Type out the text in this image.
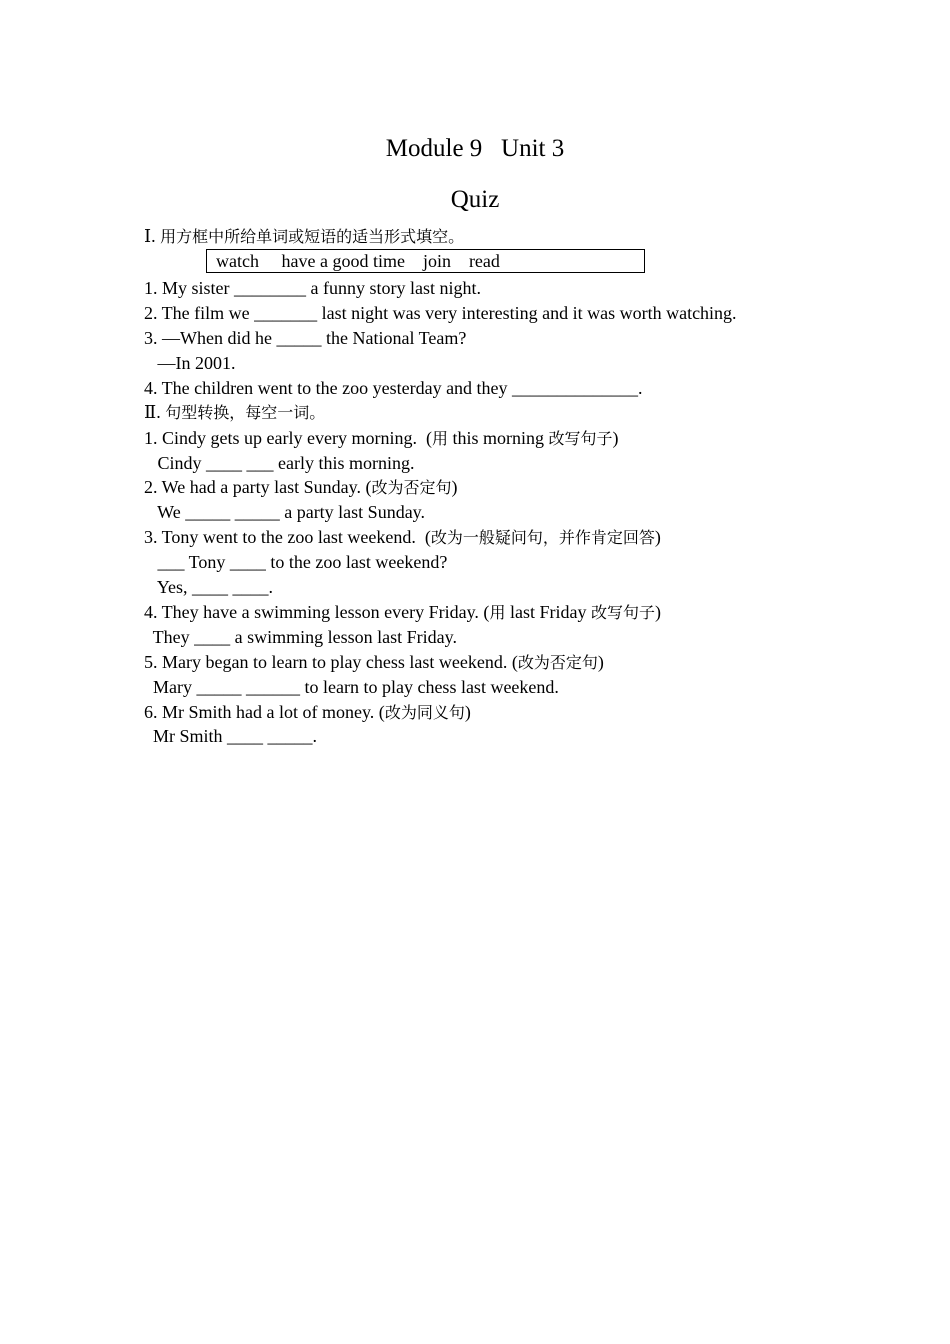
Module 9   Unit 3
Quiz
Ⅰ. 用方框中所给单词或短语的适当形式填空。
watch     have a good time    join    read
1. My sister ________ a funny story last night.
2. The film we _______ last night was very interesting and it was worth watching.
3. —When did he _____ the National Team?
—In 2001.
4. The children went to the zoo yesterday and they ______________.
Ⅱ. 句型转换，每空一词。
1. Cindy gets up early every morning.  (用 this morning 改写句子)
Cindy ____ ___ early this morning.
2. We had a party last Sunday. (改为否定句)
We _____ _____ a party last Sunday.
3. Tony went to the zoo last weekend.  (改为一般疑问句，并作肯定回答)
___ Tony ____ to the zoo last weekend?
Yes, ____ ____.
4. They have a swimming lesson every Friday. (用 last Friday 改写句子)
They ____ a swimming lesson last Friday.
5. Mary began to learn to play chess last weekend. (改为否定句)
Mary _____ ______ to learn to play chess last weekend.
6. Mr Smith had a lot of money. (改为同义句)
Mr Smith ____ _____.
